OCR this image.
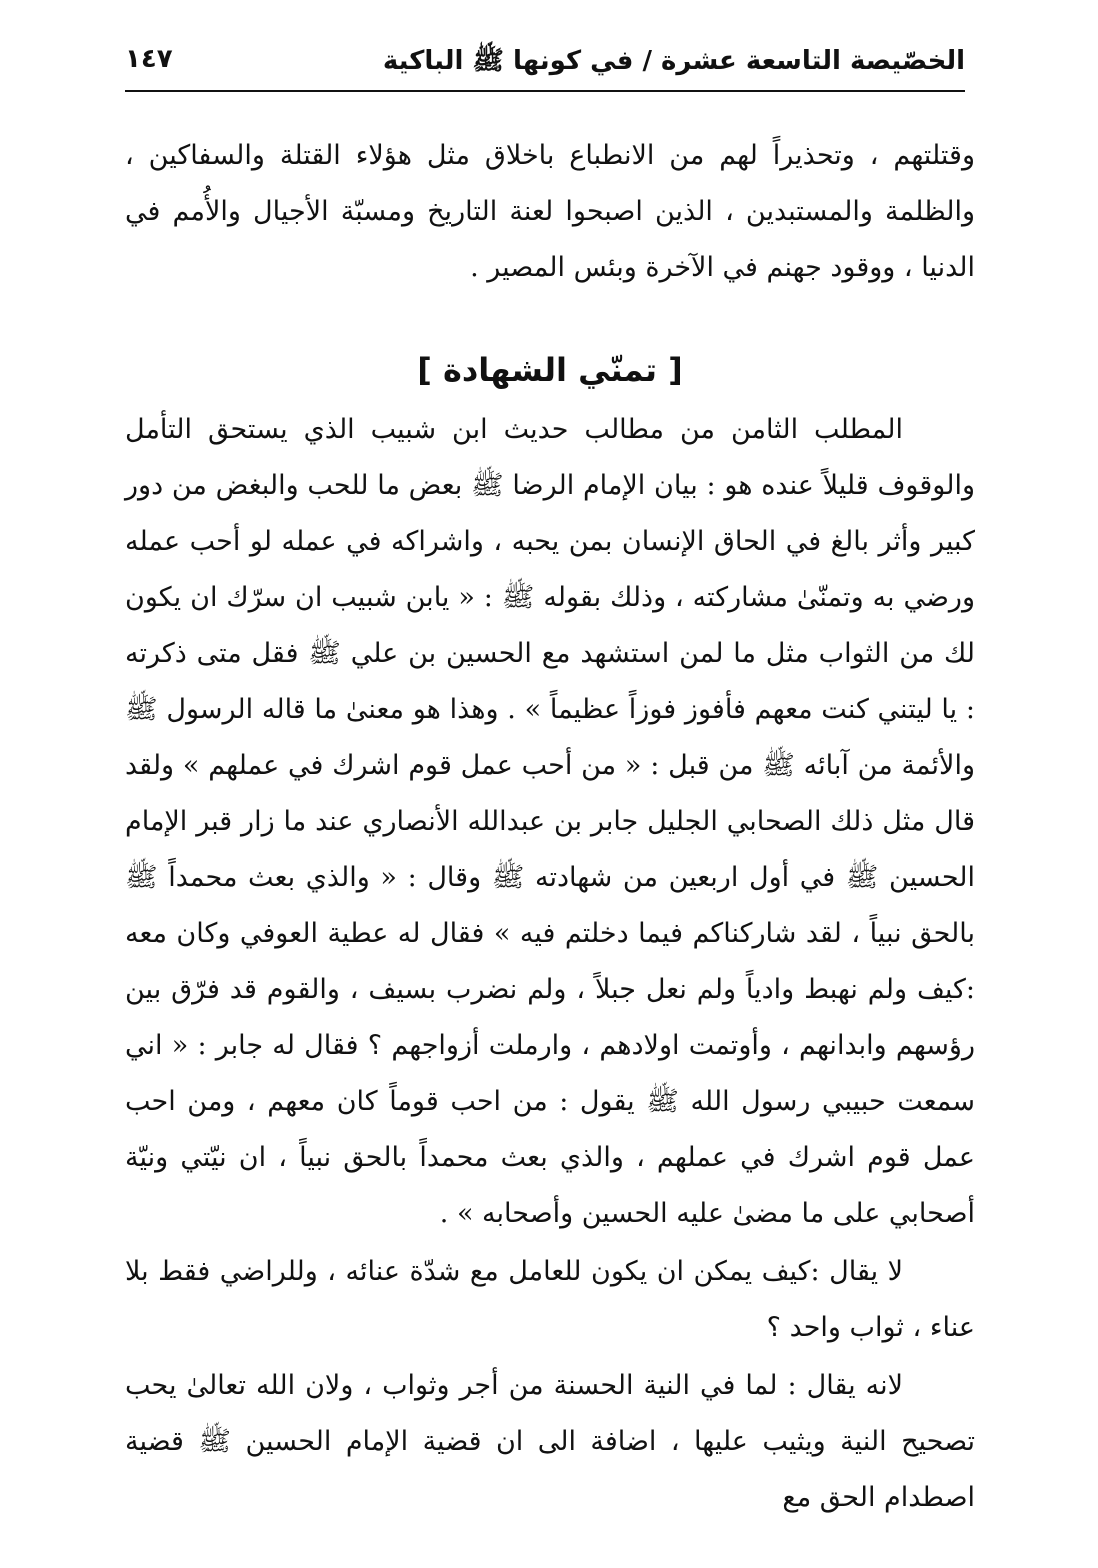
الخصّيصة التاسعة عشرة / في كونها ﷺ الباكية
١٤٧

وقتلتهم ، وتحذيراً لهم من الانطباع باخلاق مثل هؤلاء القتلة والسفاكين ، والظلمة والمستبدين ، الذين اصبحوا لعنة التاريخ ومسبّة الأجيال والأُمم في الدنيا ، ووقود جهنم في الآخرة وبئس المصير .

[ تمنّي الشهادة ]

المطلب الثامن من مطالب حديث ابن شبيب الذي يستحق التأمل والوقوف قليلاً عنده هو : بيان الإمام الرضا ﷺ بعض ما للحب والبغض من دور كبير وأثر بالغ في الحاق الإنسان بمن يحبه ، واشراكه في عمله لو أحب عمله ورضي به وتمنّىٰ مشاركته ، وذلك بقوله ﷺ : « يابن شبيب ان سرّك ان يكون لك من الثواب مثل ما لمن استشهد مع الحسين بن علي ﷺ فقل متى ذكرته : يا ليتني كنت معهم فأفوز فوزاً عظيماً » . وهذا هو معنىٰ ما قاله الرسول ﷺ والأئمة من آبائه ﷺ من قبل : « من أحب عمل قوم اشرك في عملهم » ولقد قال مثل ذلك الصحابي الجليل جابر بن عبدالله الأنصاري عند ما زار قبر الإمام الحسين ﷺ في أول اربعين من شهادته ﷺ وقال : « والذي بعث محمداً ﷺ بالحق نبياً ، لقد شاركناكم فيما دخلتم فيه » فقال له عطية العوفي وكان معه :كيف ولم نهبط وادياً ولم نعل جبلاً ، ولم نضرب بسيف ، والقوم قد فرّق بين رؤسهم وابدانهم ، وأوتمت اولادهم ، وارملت أزواجهم ؟ فقال له جابر : « اني سمعت حبيبي رسول الله ﷺ يقول : من احب قوماً كان معهم ، ومن احب عمل قوم اشرك في عملهم ، والذي بعث محمداً بالحق نبياً ، ان نيّتي ونيّة أصحابي على ما مضىٰ عليه الحسين وأصحابه » .

لا يقال :كيف يمكن ان يكون للعامل مع شدّة عنائه ، وللراضي فقط بلا عناء ، ثواب واحد ؟

لانه يقال : لما في النية الحسنة من أجر وثواب ، ولان الله تعالىٰ يحب تصحيح النية ويثيب عليها ، اضافة الى ان قضية الإمام الحسين ﷺ قضية اصطدام الحق مع
